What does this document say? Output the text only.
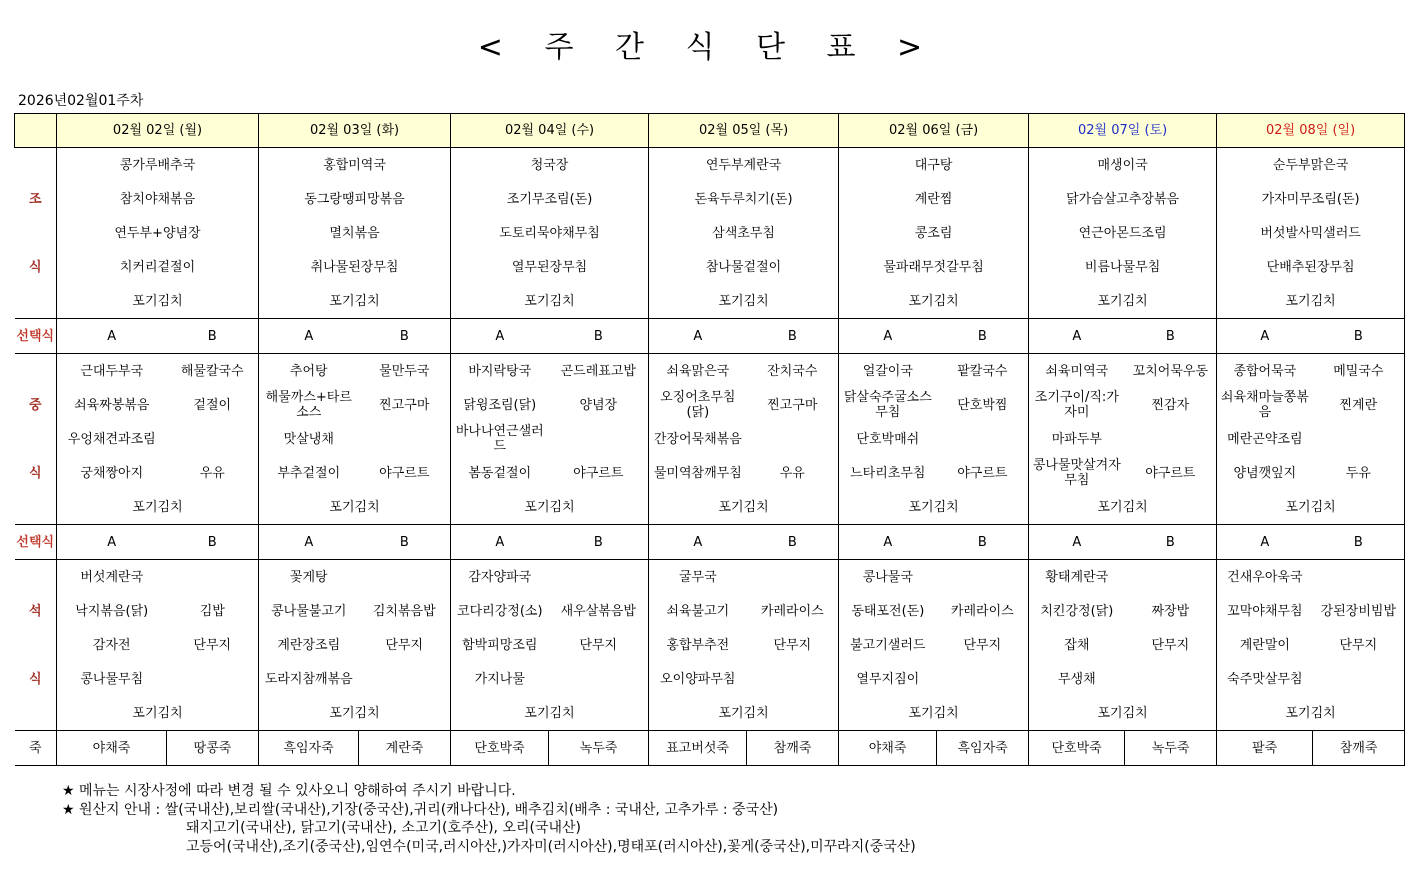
< 주 간 식 단 표 >
2026년02월01주차
	02월 02일 (월)		02월 03일 (화)		02월 04일 (수)		02월 05일 (목)		02월 06일 (금)		02월 07일 (토)		02월 08일 (일)	
	콩가루배추국		홍합미역국		청국장		연두부계란국		대구탕		매생이국		순두부맑은국	
조	참치야채볶음		동그랑땡피망볶음		조기무조림(돈)		돈육두루치기(돈)		계란찜		닭가슴살고추장볶음		가자미무조림(돈)	
	연두부+양념장		멸치볶음		도토리묵야채무침		삼색초무침		콩조림		연근아몬드조림		버섯발사믹샐러드	
식	치커리겉절이		취나물된장무침		열무된장무침		참나물겉절이		물파래무젓갈무침		비름나물무침		단배추된장무침	
	포기김치		포기김치		포기김치		포기김치		포기김치		포기김치		포기김치	
선택식	A	B	A	B	A	B	A	B	A	B	A	B	A	B
	근대두부국	해물칼국수	추어탕	물만두국	바지락탕국	곤드레표고밥	쇠육맑은국	잔치국수	얼갈이국	팥칼국수	쇠육미역국	꼬치어묵우동	종합어묵국	메밀국수
중	쇠육짜봉볶음	겉절이	해물까스+타르소스	찐고구마	닭윙조림(닭)	양념장	오징어초무침(닭)	찐고구마	닭살숙주굴소스무침	단호박찜	조기구이/직:가자미	찐감자	쇠육채마늘쫑볶음	찐계란
	우엉채견과조림		맛살냉채		바나나연근샐러드		간장어묵채볶음		단호박매쉬		마파두부		메란곤약조림	
식	궁채짱아지	우유	부추겉절이	야구르트	봄동겉절이	야구르트	물미역참깨무침	우유	느타리초무침	야구르트	콩나물맛살겨자무침	야구르트	양념깻잎지	두유
	포기김치		포기김치		포기김치		포기김치		포기김치		포기김치		포기김치	
선택식	A	B	A	B	A	B	A	B	A	B	A	B	A	B
	버섯계란국		꽃게탕		감자양파국		굴무국		콩나물국		황태계란국		건새우아욱국	
석	낙지볶음(닭)	김밥	콩나물불고기	김치볶음밥	코다리강정(소)	새우살볶음밥	쇠육불고기	카레라이스	동태포전(돈)	카레라이스	치킨강정(닭)	짜장밥	꼬막야채무침	강된장비빔밥
	감자전	단무지	계란장조림	단무지	함박피망조림	단무지	홍합부추전	단무지	불고기샐러드	단무지	잡채	단무지	계란말이	단무지
식	콩나물무침		도라지참깨볶음		가지나물		오이양파무침		열무지짐이		무생채		숙주맛살무침	
	포기김치		포기김치		포기김치		포기김치		포기김치		포기김치		포기김치	
죽	야채죽	땅콩죽	흑임자죽	계란죽	단호박죽	녹두죽	표고버섯죽	참깨죽	야채죽	흑임자죽	단호박죽	녹두죽	팥죽	참깨죽
★ 메뉴는 시장사정에 따라 변경 될 수 있사오니 양해하여 주시기 바랍니다.
★ 원산지 안내 : 쌀(국내산),보리쌀(국내산),기장(중국산),귀리(캐나다산), 배추김치(배추 : 국내산, 고추가루 : 중국산)
돼지고기(국내산), 닭고기(국내산), 소고기(호주산), 오리(국내산)
고등어(국내산),조기(중국산),임연수(미국,러시아산,)가자미(러시아산),명태포(러시아산),꽃게(중국산),미꾸라지(중국산)
